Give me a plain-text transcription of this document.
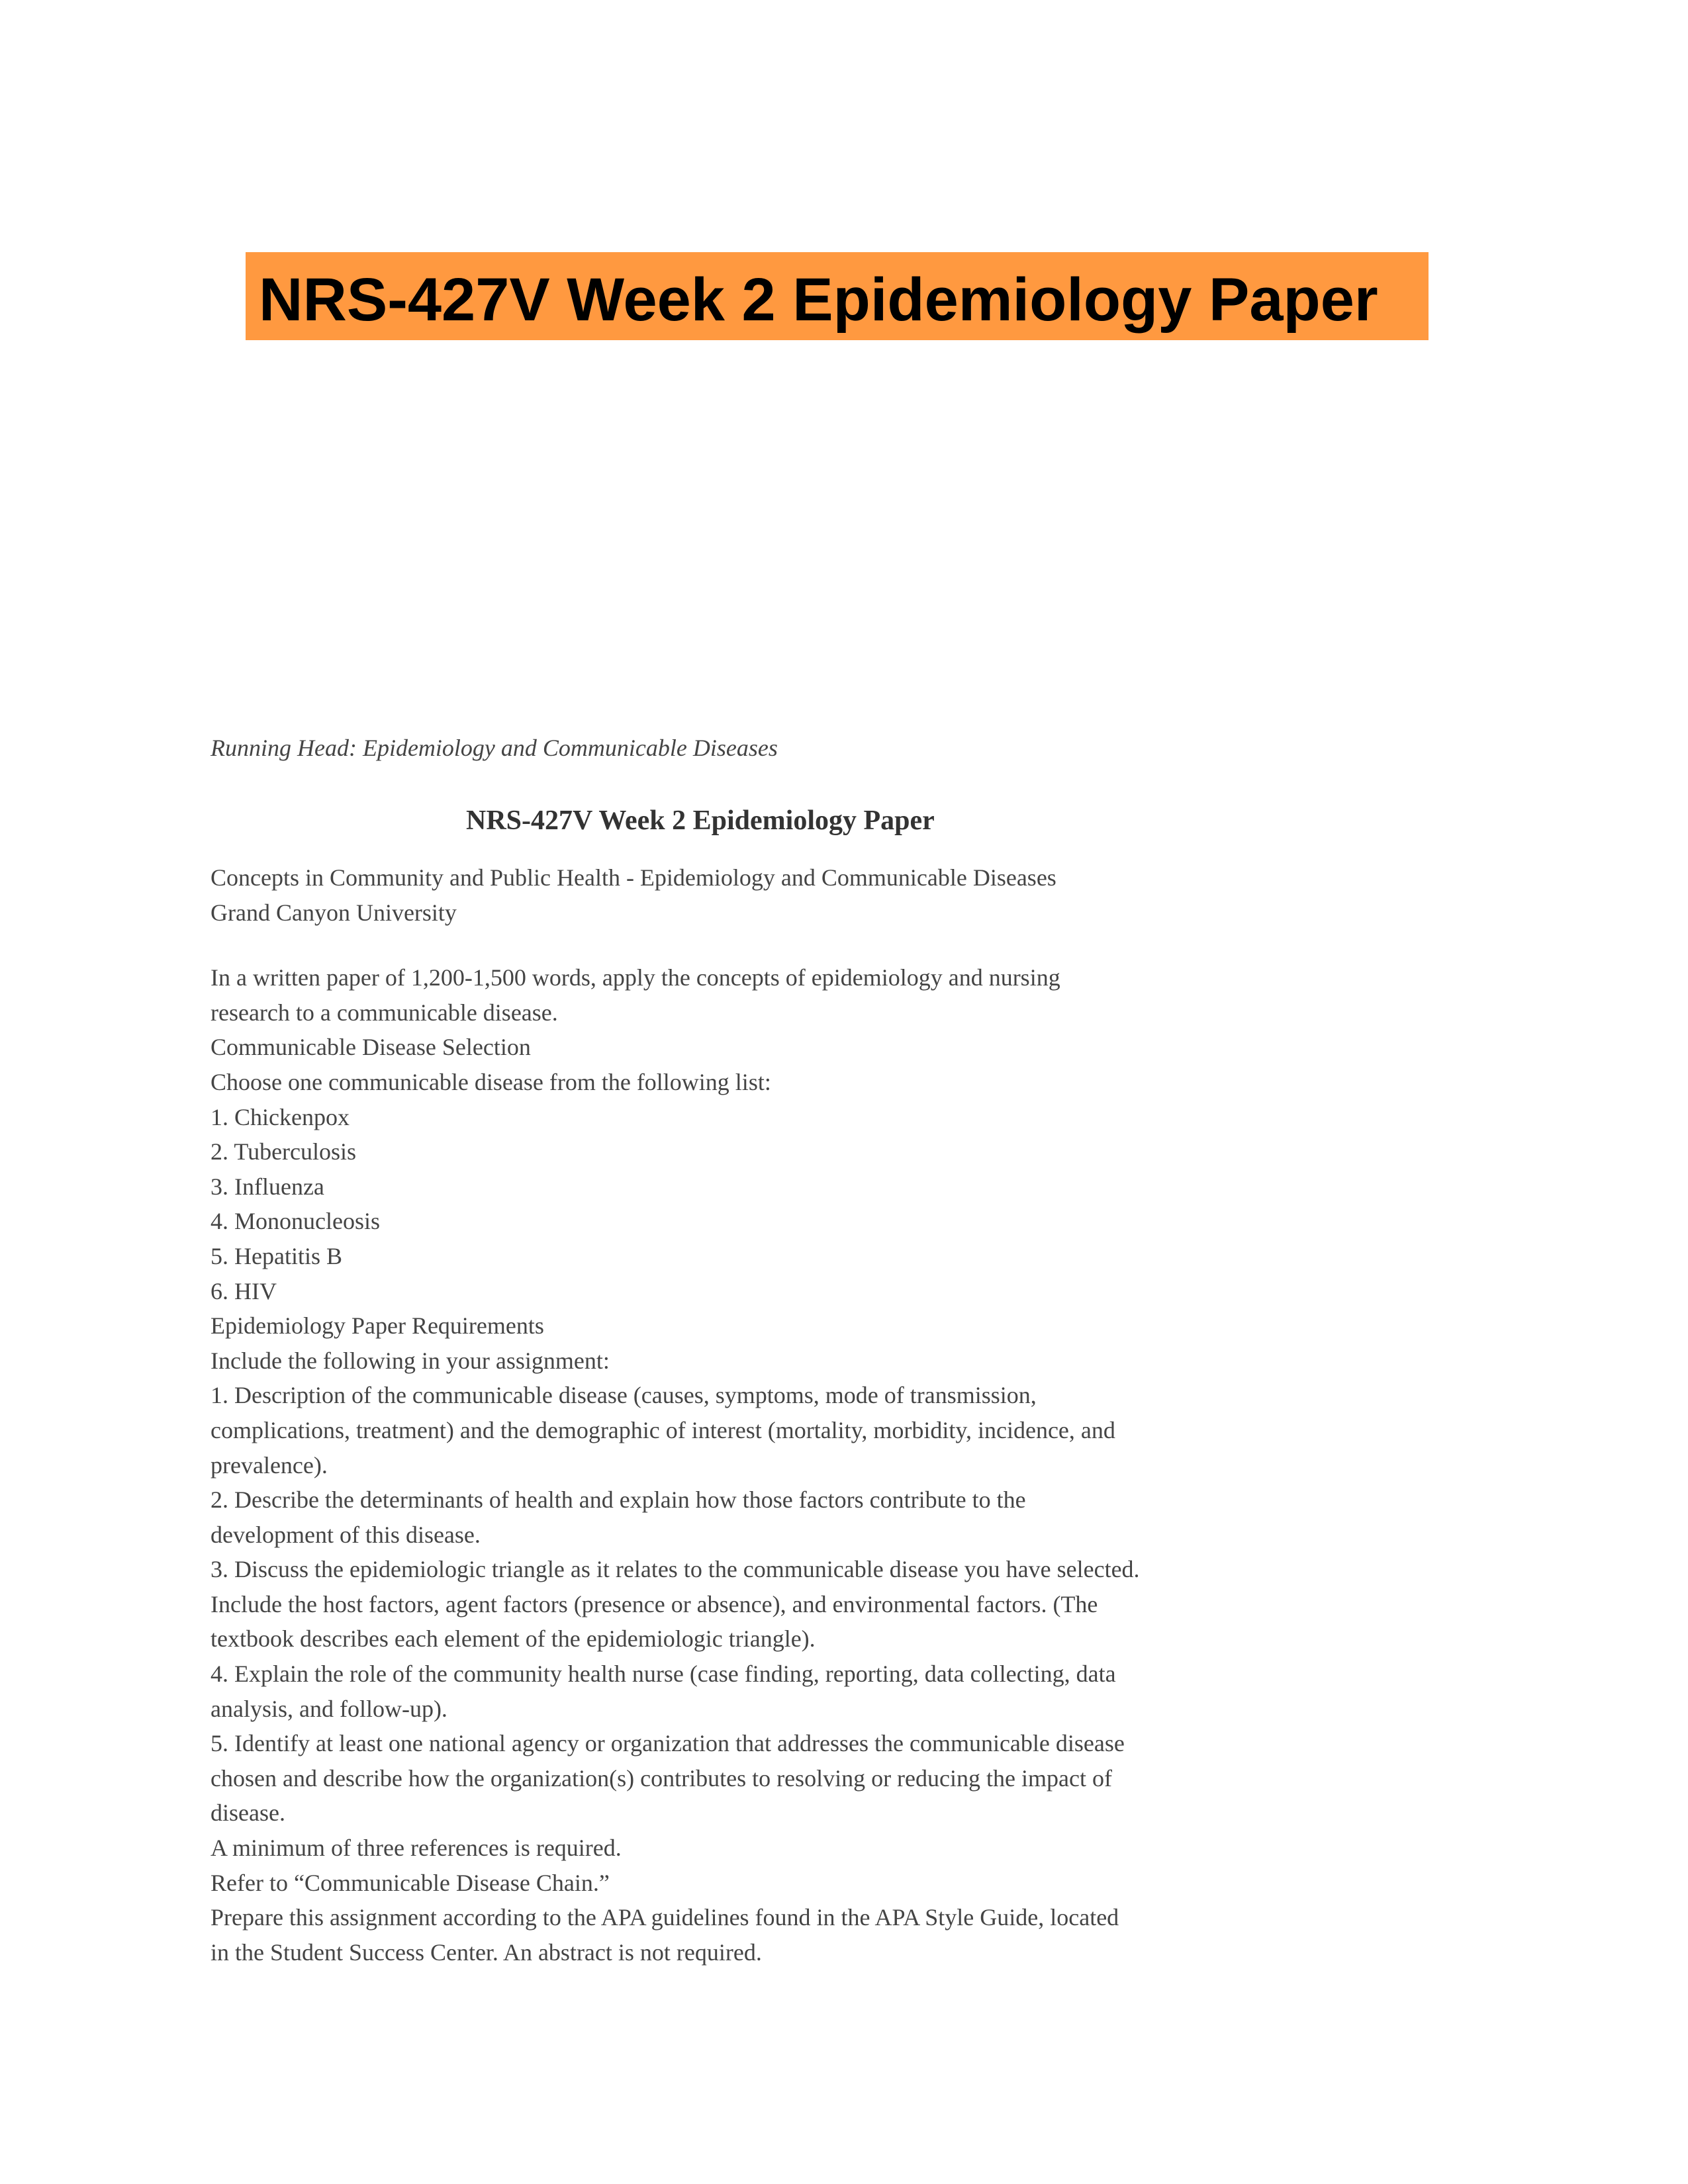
NRS-427V Week 2 Epidemiology Paper

Running Head: Epidemiology and Communicable Diseases

NRS-427V Week 2 Epidemiology Paper

Concepts in Community and Public Health - Epidemiology and Communicable Diseases

Grand Canyon University

In a written paper of 1,200-1,500 words, apply the concepts of epidemiology and nursing

research to a communicable disease.

Communicable Disease Selection

Choose one communicable disease from the following list:

1. Chickenpox

2. Tuberculosis

3. Influenza

4. Mononucleosis

5. Hepatitis B

6. HIV

Epidemiology Paper Requirements

Include the following in your assignment:

1. Description of the communicable disease (causes, symptoms, mode of transmission,

complications, treatment) and the demographic of interest (mortality, morbidity, incidence, and

prevalence).

2. Describe the determinants of health and explain how those factors contribute to the

development of this disease.

3. Discuss the epidemiologic triangle as it relates to the communicable disease you have selected.

Include the host factors, agent factors (presence or absence), and environmental factors. (The

textbook describes each element of the epidemiologic triangle).

4. Explain the role of the community health nurse (case finding, reporting, data collecting, data

analysis, and follow-up).

5. Identify at least one national agency or organization that addresses the communicable disease

chosen and describe how the organization(s) contributes to resolving or reducing the impact of

disease.

A minimum of three references is required.

Refer to “Communicable Disease Chain.”

Prepare this assignment according to the APA guidelines found in the APA Style Guide, located

in the Student Success Center. An abstract is not required.
